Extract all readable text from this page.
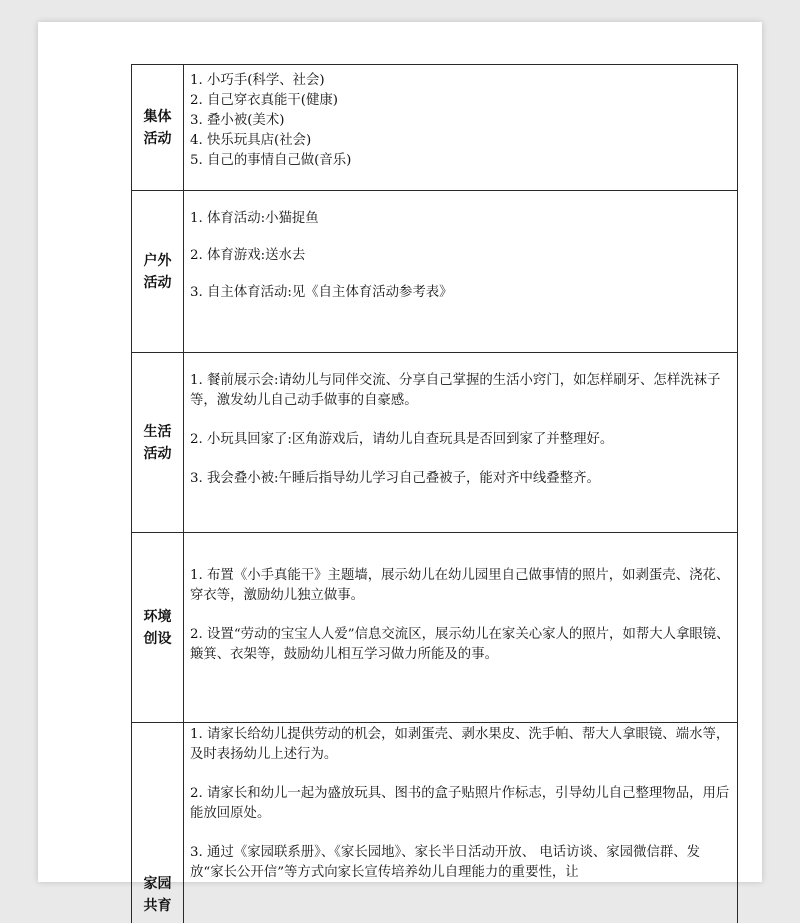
集体
活动

1. 小巧手(科学、社会)

2. 自己穿衣真能干(健康)

3. 叠小被(美术)

4. 快乐玩具店(社会)

5. 自己的事情自己做(音乐)

户外
活动

1. 体育活动:小猫捉鱼

2. 体育游戏:送水去

3. 自主体育活动:见《自主体育活动参考表》

生活
活动

1. 餐前展示会:请幼儿与同伴交流、分享自己掌握的生活小窍门，如怎样刷牙、怎样洗袜子等，激发幼儿自己动手做事的自豪感。

2. 小玩具回家了:区角游戏后，请幼儿自查玩具是否回到家了并整理好。

3. 我会叠小被:午睡后指导幼儿学习自己叠被子，能对齐中线叠整齐。

环境
创设

1. 布置《小手真能干》主题墙，展示幼儿在幼儿园里自己做事情的照片，如剥蛋壳、浇花、穿衣等，激励幼儿独立做事。

2. 设置“劳动的宝宝人人爱”信息交流区，展示幼儿在家关心家人的照片，如帮大人拿眼镜、簸箕、衣架等，鼓励幼儿相互学习做力所能及的事。

家园
共育

1. 请家长给幼儿提供劳动的机会，如剥蛋壳、剥水果皮、洗手帕、帮大人拿眼镜、端水等，及时表扬幼儿上述行为。

2. 请家长和幼儿一起为盛放玩具、图书的盒子贴照片作标志，引导幼儿自己整理物品，用后能放回原处。

3. 通过《家园联系册》、《家长园地》、家长半日活动开放、 电话访谈、家园微信群、发放“家长公开信”等方式向家长宣传培养幼儿自理能力的重要性，让
